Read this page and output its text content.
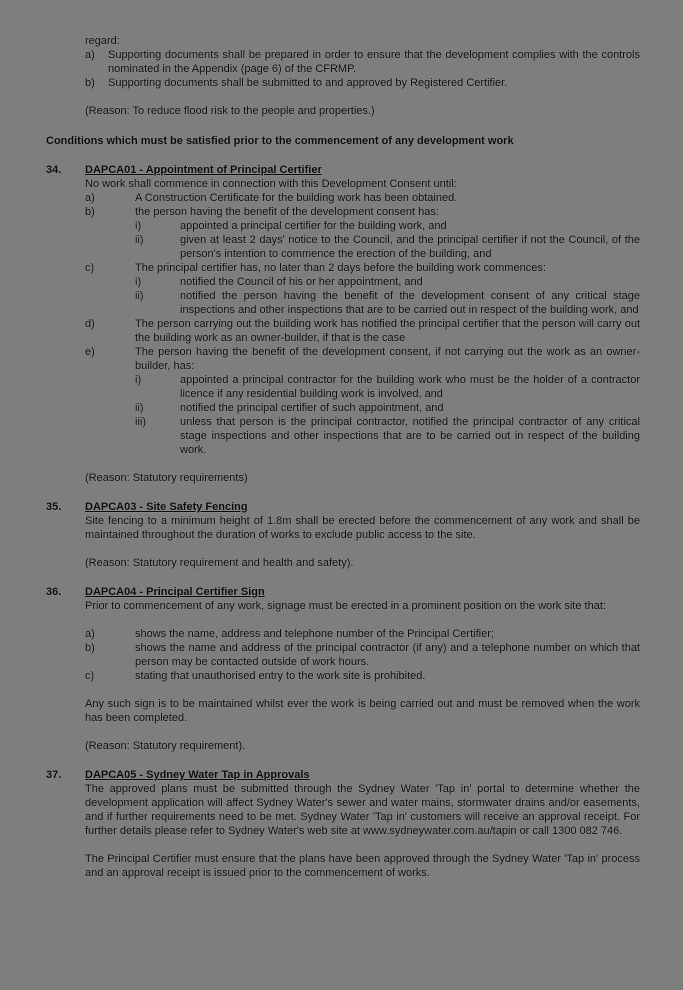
regard:

a)	Supporting documents shall be prepared in order to ensure that the development complies with the controls nominated in the Appendix (page 6) of the CFRMP.
b)	Supporting documents shall be submitted to and approved by Registered Certifier.

(Reason: To reduce flood risk to the people and properties.)

Conditions which must be satisfied prior to the commencement of any development work
34.	DAPCA01 - Appointment of Principal Certifier

No work shall commence in connection with this Development Consent until:

a)	A Construction Certificate for the building work has been obtained.
b)	the person having the benefit of the development consent has:
i)	appointed a principal certifier for the building work, and
ii)	given at least 2 days' notice to the Council, and the principal certifier if not the Council, of the person's intention to commence the erection of the building, and
c)	The principal certifier has, no later than 2 days before the building work commences:
i)	notified the Council of his or her appointment, and
ii)	notified the person having the benefit of the development consent of any critical stage inspections and other inspections that are to be carried out in respect of the building work, and
d)	The person carrying out the building work has notified the principal certifier that the person will carry out the building work as an owner-builder, if that is the case
e)	The person having the benefit of the development consent, if not carrying out the work as an owner-builder, has:
i)	appointed a principal contractor for the building work who must be the holder of a contractor licence if any residential building work is involved, and
ii)	notified the principal certifier of such appointment, and
iii)	unless that person is the principal contractor, notified the principal contractor of any critical stage inspections and other inspections that are to be carried out in respect of the building work.

(Reason: Statutory requirements)

35.	DAPCA03 - Site Safety Fencing

Site fencing to a minimum height of 1.8m shall be erected before the commencement of any work and shall be maintained throughout the duration of works to exclude public access to the site.

(Reason: Statutory requirement and health and safety).

36.	DAPCA04 - Principal Certifier Sign

Prior to commencement of any work, signage must be erected in a prominent position on the work site that:

a)	shows the name, address and telephone number of the Principal Certifier;
b)	shows the name and address of the principal contractor (if any) and a telephone number on which that person may be contacted outside of work hours.
c)	stating that unauthorised entry to the work site is prohibited.

Any such sign is to be maintained whilst ever the work is being carried out and must be removed when the work has been completed.

(Reason: Statutory requirement).

37.	DAPCA05 - Sydney Water Tap in Approvals

The approved plans must be submitted through the Sydney Water 'Tap in' portal to determine whether the development application will affect Sydney Water's sewer and water mains, stormwater drains and/or easements, and if further requirements need to be met. Sydney Water 'Tap in' customers will receive an approval receipt. For further details please refer to Sydney Water's web site at www.sydneywater.com.au/tapin or call 1300 082 746.

The Principal Certifier must ensure that the plans have been approved through the Sydney Water 'Tap in' process and an approval receipt is issued prior to the commencement of works.
